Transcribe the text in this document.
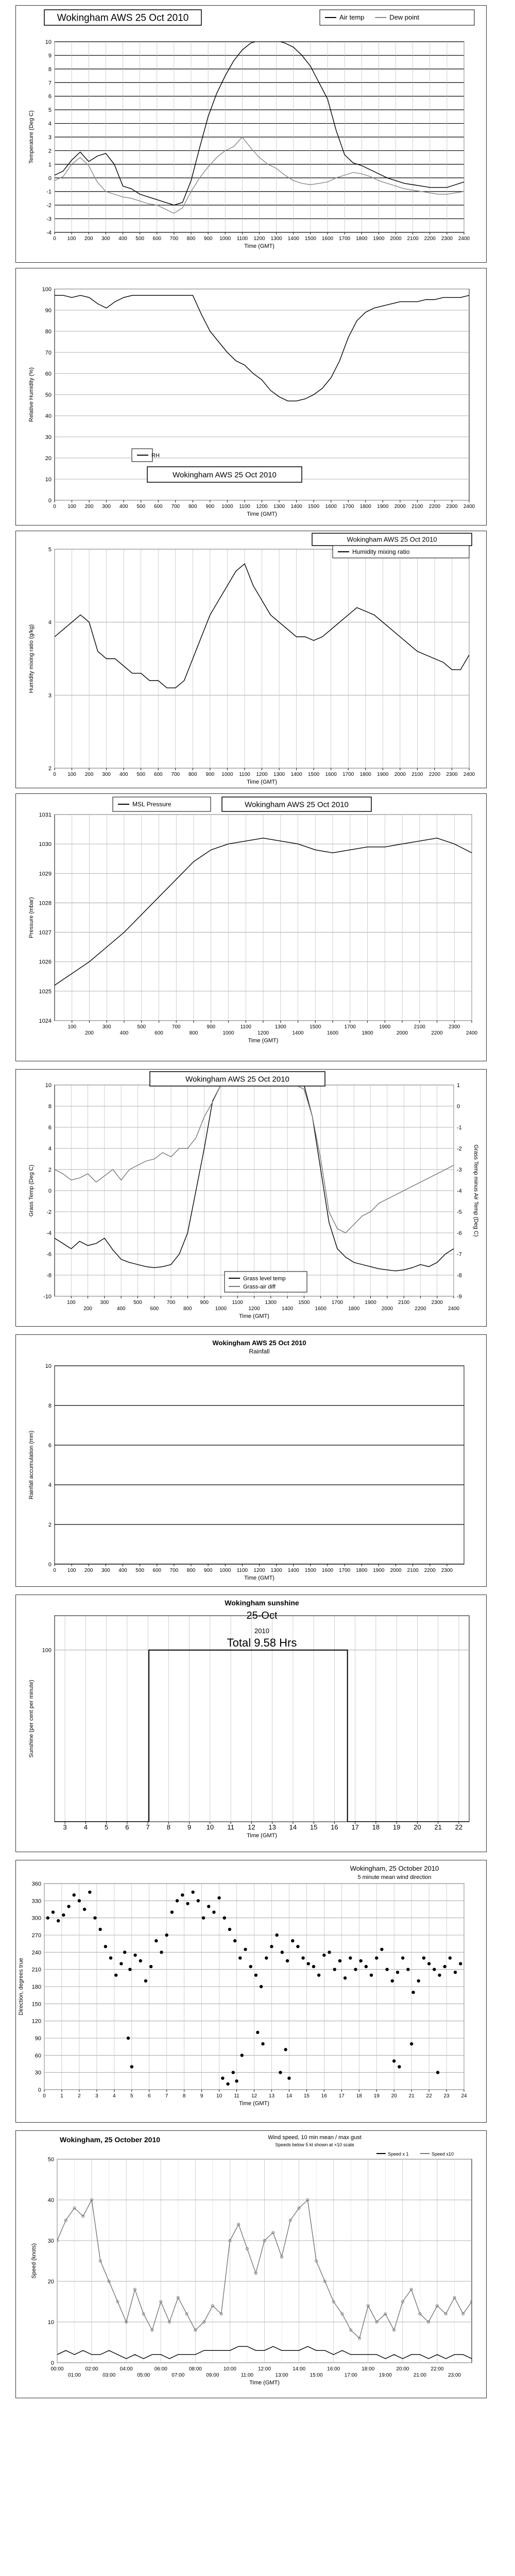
-4
-3
-2
-1
0
1
2
3
4
5
6
7
8
9
10
0 100 200 300 400 500 600 700 800 900 1000 1100 1200 1300 1400 1500 1600 1700 1800 1900 2000 2100 2200 2300 2400
Time (GMT)
Temperature (Deg C)
Wokingham AWS 25 Oct 2010	Air temp	Dew point
0
10
20
30
40
50
60
70
80
90
100
0 100 200 300 400 500 600 700 800 900 1000 1100 1200 1300 1400 1500 1600 1700 1800 1900 2000 2100 2200 2300 2400
Time (GMT)
Relative Humidity (%)
Wokingham AWS 25 Oct 2010
RH
2
3
4
5
0 100 200 300 400 500 600 700 800 900 1000 1100 1200 1300 1400 1500 1600 1700 1800 1900 2000 2100 2200 2300 2400
Time (GMT)
Humidity mixing ratio (g/kg)
Wokingham AWS 25 Oct 2010
Humidity mixing ratio
1024
1025
1026
1027
1028
1029
1030
1031
100
200
300
400
500
600
700
800
900
1000
1100
1200
1300
1400
1500
1600
1700
1800
1900
2000
2100
2200
2300
2400
Time (GMT)
Pressure (mbar)
Wokingham AWS 25 Oct 2010
MSL Pressure
-10
-8
-6
-4
-2
0
2
4
6
8
10
100
200
300
400
500
600
700
800
900
1000
1100
1200
1300
1400
1500
1600
1700
1800
1900
2000
2100
2200
2300
2400
-9
-8
-7
-6
-5
-4
-3
-2
-1
0
1
Grass Temp minus Air Temp (Deg C)
Time (GMT)
Grass Temp (Deg C)
Wokingham AWS 25 Oct 2010
Grass level temp
Grass-air diff
0
2
4
6
8
10
0 100 200 300 400 500 600 700 800 900 1000 1100 1200 1300 1400 1500 1600 1700 1800 1900 2000 2100 2200 2300
Time (GMT)
Rainfall accumulation (mm)
Wokingham AWS 25 Oct 2010
Rainfall
100
3	4	5	6	7	8	9 10 11 12 13 14 15 16 17 18 19 20 21 22
Time (GMT)
Sunshine (per cent per minute)
Wokingham sunshine
25-Oct
2010
Total 9.58 Hrs
0
30
60
90
120
150
180
210
240
270
300
330
360
0	1	2	3	4	5	6	7	8	9	10 11 12 13 14 15 16 17 18 19 20 21 22 23 24
Time (GMT)
Direction, degrees true
Wokingham, 25 October 2010
5 minute mean wind direction
0
10
20
30
40
50
00:00	02:00	04:00	06:00	08:00	10:00	12:00	14:00	16:00	18:00	20:00	22:00
01:00	03:00	05:00	07:00	09:00	11:00	13:00	15:00	17:00	19:00	21:00	23:00
Time (GMT)
Speed (knots)
Wokingham, 25 October 2010	Wind speed, 10 min mean / max gust
Speeds below 5 kt shown at ×10 scale
Speed x 1	Speed x10
